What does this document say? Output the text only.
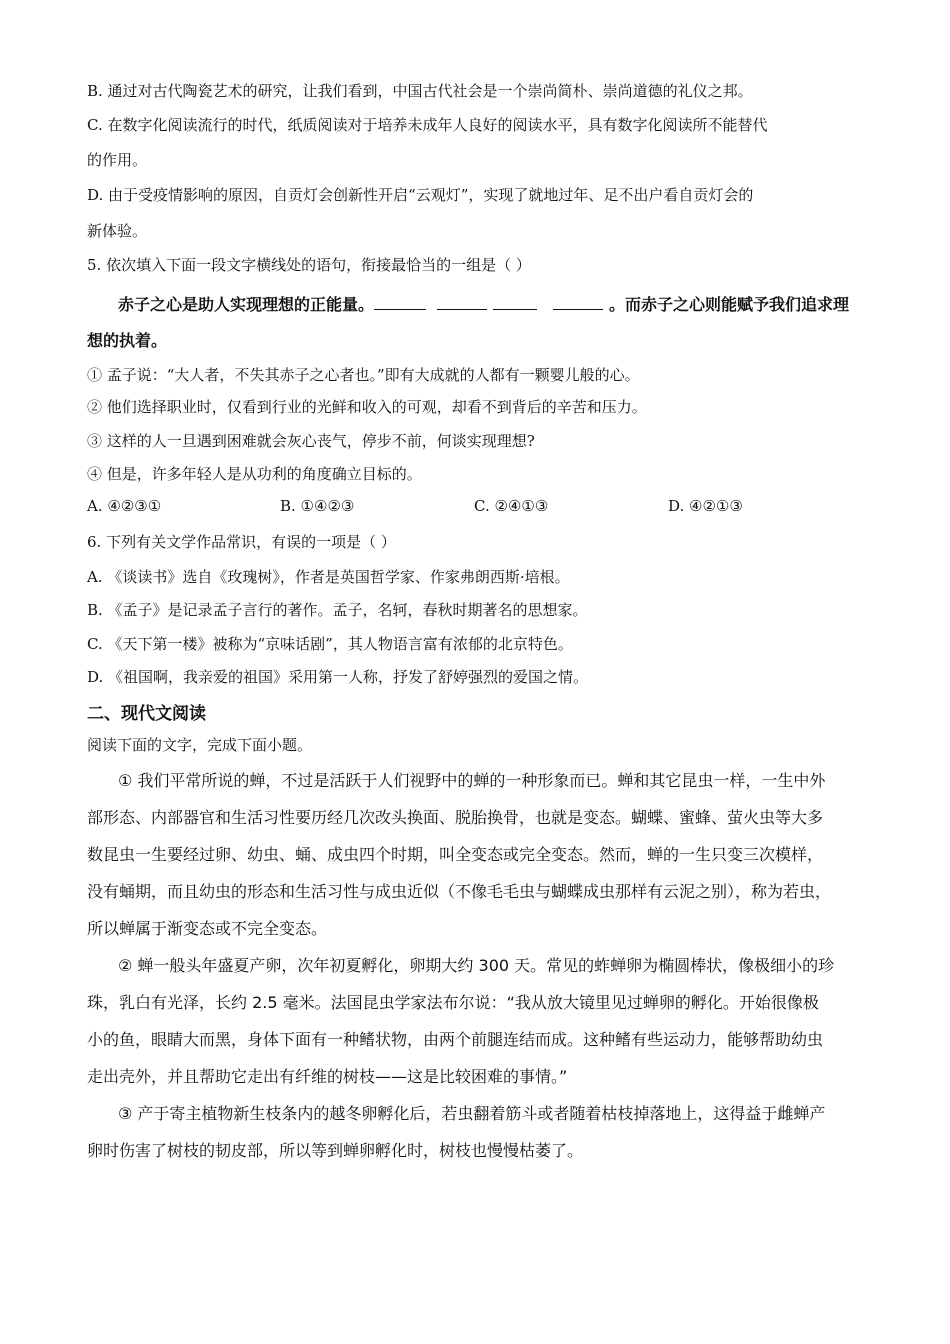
B. 通过对古代陶瓷艺术的研究，让我们看到，中国古代社会是一个崇尚简朴、崇尚道德的礼仪之邦。
C. 在数字化阅读流行的时代，纸质阅读对于培养未成年人良好的阅读水平，具有数字化阅读所不能替代
的作用。
D. 由于受疫情影响的原因，自贡灯会创新性开启“云观灯”，实现了就地过年、足不出户看自贡灯会的
新体验。
5. 依次填入下面一段文字横线处的语句，衔接最恰当的一组是（ ）
赤子之心是助人实现理想的正能量。	。而赤子之心则能赋予我们追求理
想的执着。
① 孟子说：“大人者，不失其赤子之心者也。”即有大成就的人都有一颗婴儿般的心。
② 他们选择职业时，仅看到行业的光鲜和收入的可观，却看不到背后的辛苦和压力。
③ 这样的人一旦遇到困难就会灰心丧气，停步不前，何谈实现理想?
④ 但是，许多年轻人是从功利的角度确立目标的。
A. ④②③①	B. ①④②③	C. ②④①③	D. ④②①③
6. 下列有关文学作品常识，有误的一项是（ ）
A. 《谈读书》选自《玫瑰树》，作者是英国哲学家、作家弗朗西斯·培根。
B. 《孟子》是记录孟子言行的著作。孟子，名轲，春秋时期著名的思想家。
C. 《天下第一楼》被称为“京味话剧”，其人物语言富有浓郁的北京特色。
D. 《祖国啊，我亲爱的祖国》采用第一人称，抒发了舒婷强烈的爱国之情。
二、现代文阅读
阅读下面的文字，完成下面小题。
① 我们平常所说的蝉，不过是活跃于人们视野中的蝉的一种形象而已。蝉和其它昆虫一样，一生中外
部形态、内部器官和生活习性要历经几次改头换面、脱胎换骨，也就是变态。蝴蝶、蜜蜂、萤火虫等大多
数昆虫一生要经过卵、幼虫、蛹、成虫四个时期，叫全变态或完全变态。然而，蝉的一生只变三次模样，
没有蛹期，而且幼虫的形态和生活习性与成虫近似（不像毛毛虫与蝴蝶成虫那样有云泥之别），称为若虫，
所以蝉属于渐变态或不完全变态。
② 蝉一般头年盛夏产卵，次年初夏孵化，卵期大约 300 天。常见的蚱蝉卵为椭圆棒状，像极细小的珍
珠，乳白有光泽，长约 2.5 毫米。法国昆虫学家法布尔说：“我从放大镜里见过蝉卵的孵化。开始很像极
小的鱼，眼睛大而黑，身体下面有一种鳍状物，由两个前腿连结而成。这种鳍有些运动力，能够帮助幼虫
走出壳外，并且帮助它走出有纤维的树枝——这是比较困难的事情。”
③ 产于寄主植物新生枝条内的越冬卵孵化后，若虫翻着筋斗或者随着枯枝掉落地上，这得益于雌蝉产
卵时伤害了树枝的韧皮部，所以等到蝉卵孵化时，树枝也慢慢枯萎了。
